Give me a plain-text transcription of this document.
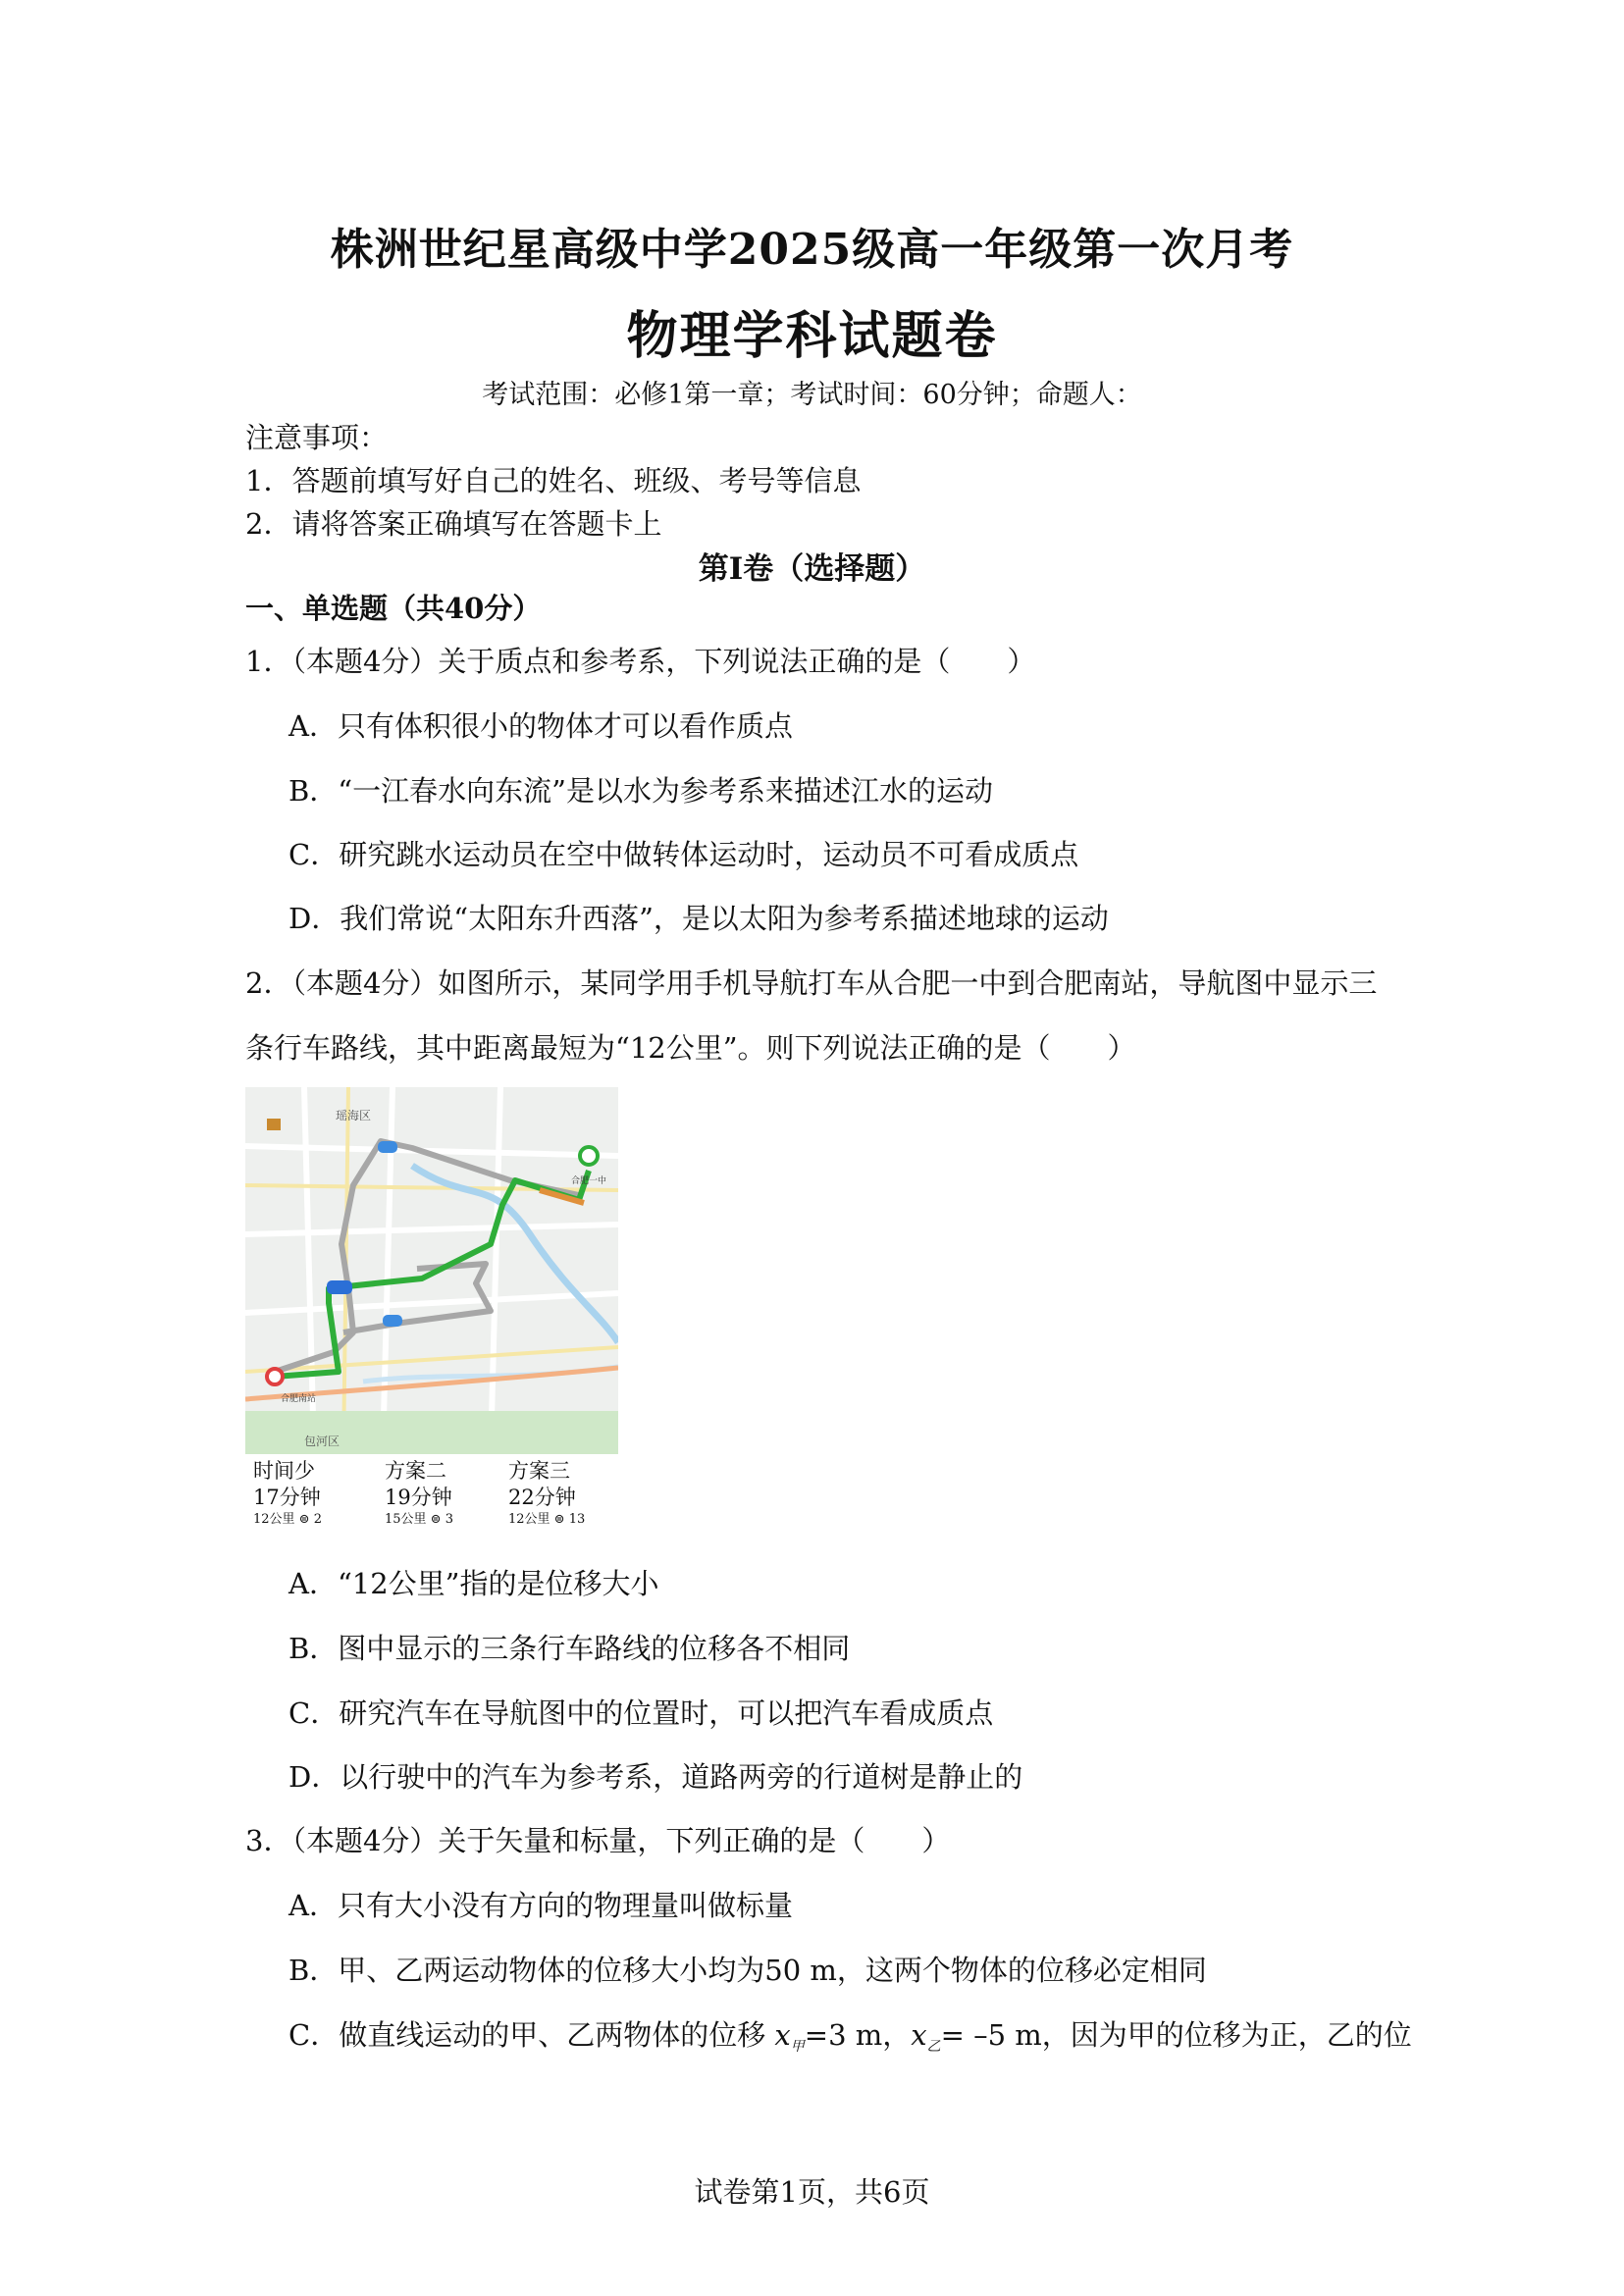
株洲世纪星高级中学2025级高一年级第一次月考
物理学科试题卷
考试范围：必修1第一章；考试时间：60分钟；命题人：
注意事项：
1．答题前填写好自己的姓名、班级、考号等信息
2．请将答案正确填写在答题卡上
第Ⅰ卷（选择题）
一、单选题（共40分）
1．（本题4分）关于质点和参考系，下列说法正确的是（　　）
A．只有体积很小的物体才可以看作质点
B．“一江春水向东流”是以水为参考系来描述江水的运动
C．研究跳水运动员在空中做转体运动时，运动员不可看成质点
D．我们常说“太阳东升西落”，是以太阳为参考系描述地球的运动
2．（本题4分）如图所示，某同学用手机导航打车从合肥一中到合肥南站，导航图中显示三
条行车路线，其中距离最短为“12公里”。则下列说法正确的是（　　）
瑶海区
包河区
合肥一中
合肥南站
时间少
17分钟
12公里 ⊜ 2
方案二
19分钟
15公里 ⊜ 3
方案三
22分钟
12公里 ⊜ 13
A．“12公里”指的是位移大小
B．图中显示的三条行车路线的位移各不相同
C．研究汽车在导航图中的位置时，可以把汽车看成质点
D．以行驶中的汽车为参考系，道路两旁的行道树是静止的
3．（本题4分）关于矢量和标量，下列正确的是（　　）
A．只有大小没有方向的物理量叫做标量
B．甲、乙两运动物体的位移大小均为50 m，这两个物体的位移必定相同
C．做直线运动的甲、乙两物体的位移 $x_甲=3$ m，$x_乙= -5$ m，因为甲的位移为正，乙的位
试卷第1页，共6页
